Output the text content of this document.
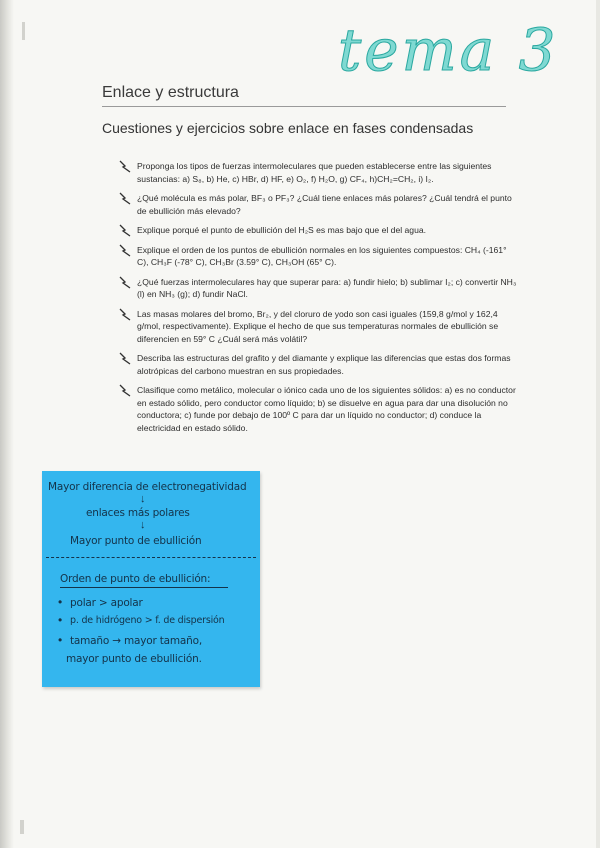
tema 3
Enlace y estructura
Cuestiones y ejercicios sobre enlace en fases condensadas
Proponga los tipos de fuerzas intermoleculares que pueden establecerse entre las siguientes sustancias: a) S₈, b) He, c) HBr, d) HF, e) O₂, f) H₂O, g) CF₄, h)CH₂=CH₂, i) I₂.
¿Qué molécula es más polar, BF₃ o PF₃? ¿Cuál tiene enlaces más polares? ¿Cuál tendrá el punto de ebullición más elevado?
Explique porqué el punto de ebullición del H₂S es mas bajo que el del agua.
Explique el orden de los puntos de ebullición normales en los siguientes compuestos: CH₄ (-161° C), CH₃F (-78° C), CH₃Br (3.59° C), CH₃OH (65° C).
¿Qué fuerzas intermoleculares hay que superar para: a) fundir hielo; b) sublimar I₂; c) convertir NH₃ (l) en NH₃ (g); d) fundir NaCl.
Las masas molares del bromo, Br₂, y del cloruro de yodo son casi iguales (159,8 g/mol y 162,4 g/mol, respectivamente). Explique el hecho de que sus temperaturas normales de ebullición se diferencien en 59° C ¿Cuál será más volátil?
Describa las estructuras del grafito y del diamante y explique las diferencias que estas dos formas alotrópicas del carbono muestran en sus propiedades.
Clasifique como metálico, molecular o iónico cada uno de los siguientes sólidos: a) es no conductor en estado sólido, pero conductor como líquido; b) se disuelve en agua para dar una disolución no conductora; c) funde por debajo de 100º C para dar un líquido no conductor; d) conduce la electricidad en estado sólido.

Mayor diferencia de electronegatividad

↓

enlaces más polares

↓

Mayor punto de ebullición

Orden de punto de ebullición:

• polar > apolar

• p. de hidrógeno > f. de dispersión

• tamaño → mayor tamaño,

mayor punto de ebullición.
